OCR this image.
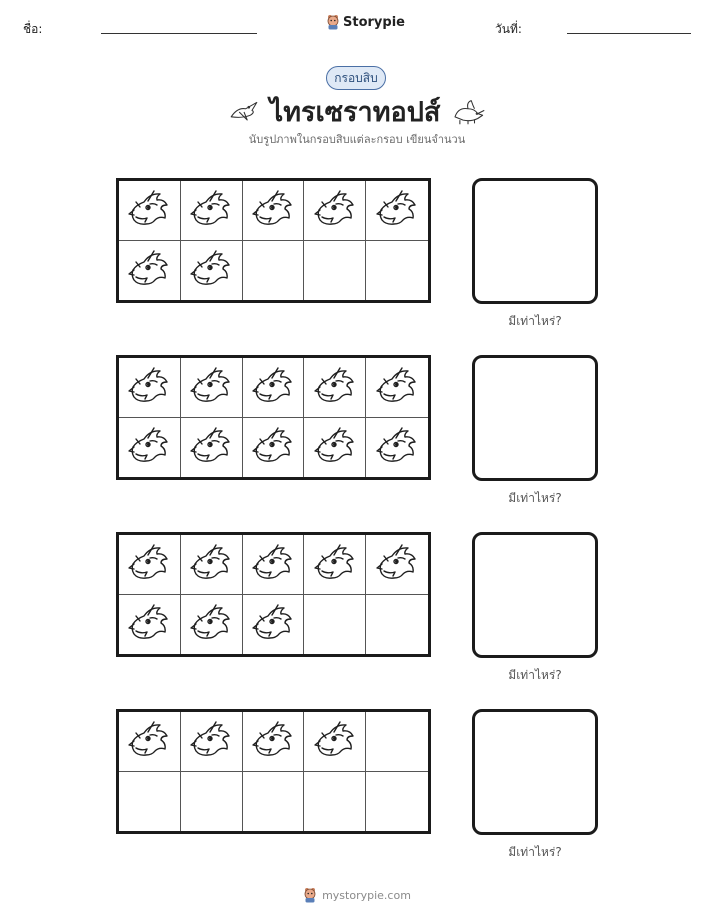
ชื่อ:	Storypie	วันที่:
กรอบสิบ
ไทรเซราทอปส์
นับรูปภาพในกรอบสิบแต่ละกรอบ เขียนจำนวน
มีเท่าไหร่?
มีเท่าไหร่?
มีเท่าไหร่?
มีเท่าไหร่?
mystorypie.com
